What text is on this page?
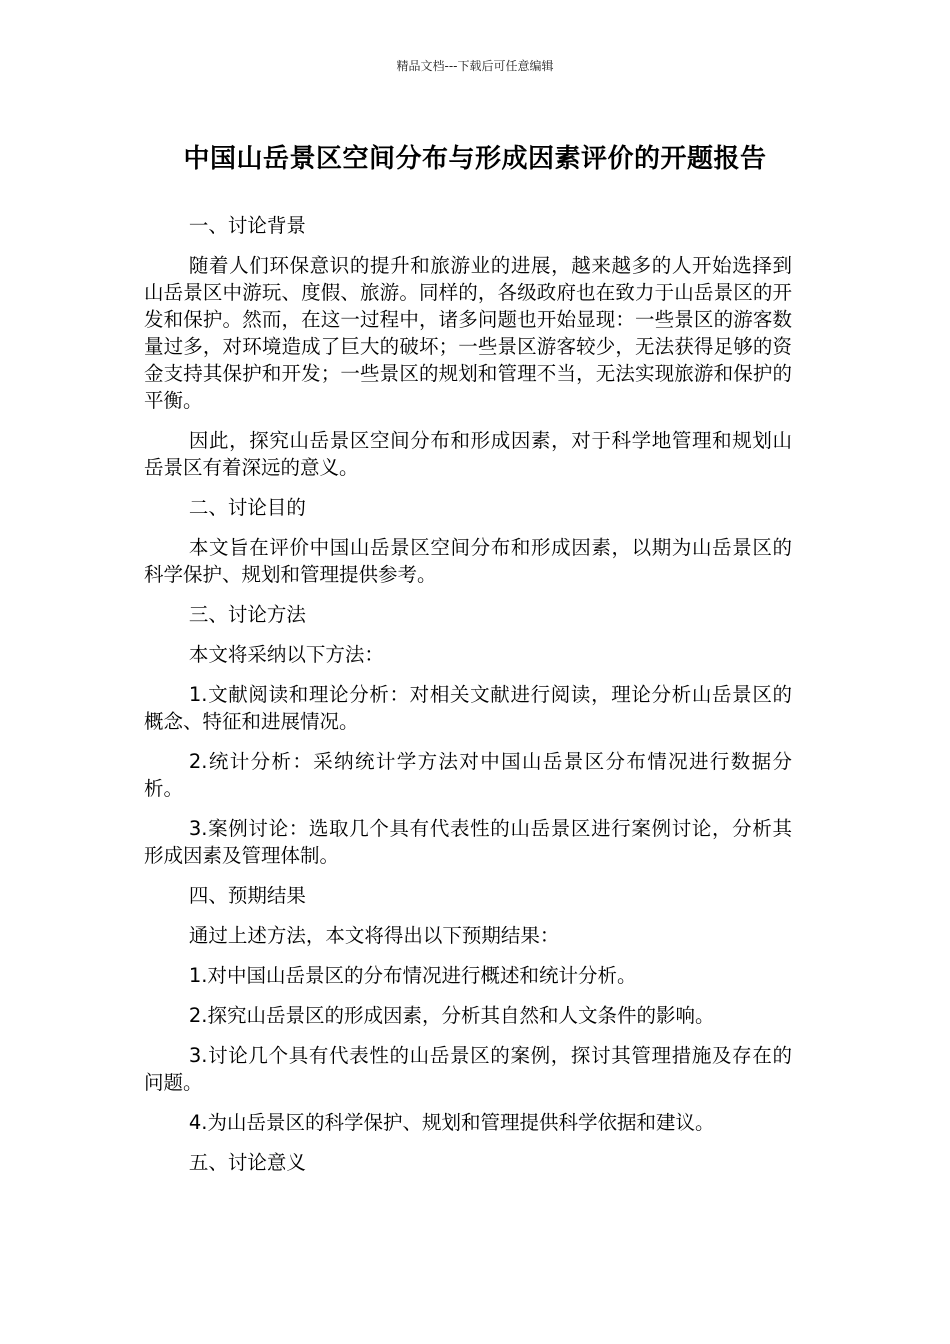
精品文档---下载后可任意编辑
中国山岳景区空间分布与形成因素评价的开题报告

一、讨论背景

随着人们环保意识的提升和旅游业的进展，越来越多的人开始选择到山岳景区中游玩、度假、旅游。同样的，各级政府也在致力于山岳景区的开发和保护。然而，在这一过程中，诸多问题也开始显现：一些景区的游客数量过多，对环境造成了巨大的破坏；一些景区游客较少，无法获得足够的资金支持其保护和开发；一些景区的规划和管理不当，无法实现旅游和保护的平衡。

因此，探究山岳景区空间分布和形成因素，对于科学地管理和规划山岳景区有着深远的意义。

二、讨论目的

本文旨在评价中国山岳景区空间分布和形成因素，以期为山岳景区的科学保护、规划和管理提供参考。

三、讨论方法

本文将采纳以下方法：

1.文献阅读和理论分析：对相关文献进行阅读，理论分析山岳景区的概念、特征和进展情况。

2.统计分析：采纳统计学方法对中国山岳景区分布情况进行数据分析。

3.案例讨论：选取几个具有代表性的山岳景区进行案例讨论，分析其形成因素及管理体制。

四、预期结果

通过上述方法，本文将得出以下预期结果：

1.对中国山岳景区的分布情况进行概述和统计分析。

2.探究山岳景区的形成因素，分析其自然和人文条件的影响。

3.讨论几个具有代表性的山岳景区的案例，探讨其管理措施及存在的问题。

4.为山岳景区的科学保护、规划和管理提供科学依据和建议。

五、讨论意义
